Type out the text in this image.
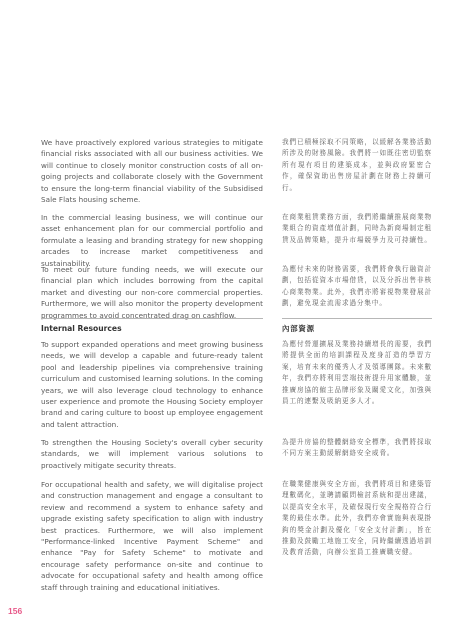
We have proactively explored various strategies to mitigate financial risks associated with all our business activities. We will continue to closely monitor construction costs of all on-going projects and collaborate closely with the Government to ensure the long-term financial viability of the Subsidised Sale Flats housing scheme.

In the commercial leasing business, we will continue our asset enhancement plan for our commercial portfolio and formulate a leasing and branding strategy for new shopping arcades to increase market competitiveness and sustainability.

To meet our future funding needs, we will execute our financial plan which includes borrowing from the capital market and divesting our non-core commercial properties. Furthermore, we will also monitor the property development programmes to avoid concentrated drag on cashflow.

Internal Resources

To support expanded operations and meet growing business needs, we will develop a capable and future-ready talent pool and leadership pipelines via comprehensive training curriculum and customised learning solutions. In the coming years, we will also leverage cloud technology to enhance user experience and promote the Housing Society employer brand and caring culture to boost up employee engagement and talent attraction.

To strengthen the Housing Society's overall cyber security standards, we will implement various solutions to proactively mitigate security threats.

For occupational health and safety, we will digitalise project and construction management and engage a consultant to review and recommend a system to enhance safety and upgrade existing safety specification to align with industry best practices. Furthermore, we will also implement "Performance-linked Incentive Payment Scheme" and enhance "Pay for Safety Scheme" to motivate and encourage safety performance on-site and continue to advocate for occupational safety and health among office staff through training and educational initiatives.

我們已積極採取不同策略，以緩解各業務活動所涉及的財務風險。我們將一如既往密切監察所有現有項目的建築成本，並與政府緊密合作，確保資助出售房屋計劃在財務上持續可行。

在商業租賃業務方面，我們將繼續推展商業物業組合的資產增值計劃，同時為新商場制定租賃及品牌策略，提升市場競爭力及可持續性。

為應付未來的財務需要，我們將會執行融資計劃，包括從資本市場借貸，以及分拆出售非核心商業物業。此外，我們亦將審視物業發展計劃，避免現金流需求過分集中。

內部資源

為應付營運擴展及業務持續增長的需要，我們將提供全面的培訓課程及度身訂造的學習方案，培育未來的優秀人才及領導團隊。未來數年，我們亦將利用雲端技術提升用家體驗，並推廣房協的僱主品牌形象及關愛文化，加強與員工的連繫及吸納更多人才。

為提升房協的整體網絡安全標準，我們將採取不同方案主動緩解網絡安全威脅。

在職業健康與安全方面，我們將項目和建築管理數碼化，並聘請顧問檢討系統和提出建議，以提高安全水平，及確保現行安全規格符合行業的最佳水準。此外，我們亦會實施與表現掛鈎的獎金計劃及優化「安全支付計劃」，旨在推動及鼓勵工地施工安全，同時繼續透過培訓及教育活動，向辦公室員工推廣職安健。

156
